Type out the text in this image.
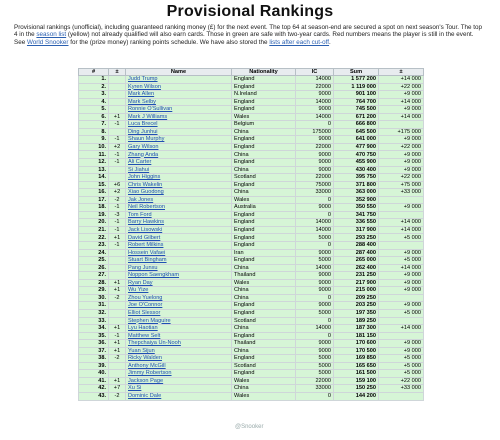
Provisional Rankings
Provisional rankings (unofficial), including guaranteed ranking money (£) for the next event. The top 64 at season-end are secured a spot on next season's Tour. The top 4 in the season list (yellow) not already qualified will also earn cards. Those in green are safe with two-year cards. Red numbers means the player is still in the event. See World Snooker for the (prize money) ranking points schedule. We have also stored the lists after each cut-off.
#	±	Name	Nationality	IC	Sum	±
1.		Judd Trump	England	14000	1 577 200	+14 000
2.		Kyren Wilson	England	22000	1 119 000	+22 000
3.		Mark Allen	N.Ireland	9000	901 100	+9 000
4.		Mark Selby	England	14000	764 700	+14 000
5.		Ronnie O'Sullivan	England	9000	745 500	+9 000
6.	+1	Mark J Williams	Wales	14000	671 200	+14 000
7.	-1	Luca Brecel	Belgium	0	666 800	
8.		Ding Junhui	China	175000	645 500	+175 000
9.	-1	Shaun Murphy	England	9000	641 000	+9 000
10.	+2	Gary Wilson	England	22000	477 900	+22 000
11.	-1	Zhang Anda	China	9000	470 750	+9 000
12.	-1	Ali Carter	England	9000	455 900	+9 000
13.		Si Jiahui	China	9000	430 400	+9 000
14.		John Higgins	Scotland	22000	395 750	+22 000
15.	+6	Chris Wakelin	England	75000	371 800	+75 000
16.	+2	Xiao Guodong	China	33000	363 000	+33 000
17.	-2	Jak Jones	Wales	0	352 900	
18.	-1	Neil Robertson	Australia	9000	350 550	+9 000
19.	-3	Tom Ford	England	0	341 750	
20.	-1	Barry Hawkins	England	14000	336 550	+14 000
21.	-1	Jack Lisowski	England	14000	317 900	+14 000
22.	+1	David Gilbert	England	5000	293 250	+5 000
23.	-1	Robert Milkins	England	0	288 400	
24.		Hossein Vafaei	Iran	9000	287 400	+9 000
25.		Stuart Bingham	England	5000	265 000	+5 000
26.		Pang Junxu	China	14000	262 400	+14 000
27.		Noppon Saengkham	Thailand	9000	231 250	+9 000
28.	+1	Ryan Day	Wales	9000	217 900	+9 000
29.	+1	Wu Yize	China	9000	215 000	+9 000
30.	-2	Zhou Yuelong	China	0	209 250	
31.		Joe O'Connor	England	9000	203 250	+9 000
32.		Elliot Slessor	England	5000	197 350	+5 000
33.		Stephen Maguire	Scotland	0	189 250	
34.	+1	Lyu Haotian	China	14000	187 300	+14 000
35.	-1	Matthew Selt	England	0	181 150	
36.	+1	Thepchaiya Un-Nooh	Thailand	9000	170 600	+9 000
37.	+1	Yuan Sijun	China	9000	170 500	+9 000
38.	-2	Ricky Walden	England	5000	169 850	+5 000
39.		Anthony McGill	Scotland	5000	165 650	+5 000
40.		Jimmy Robertson	England	5000	161 500	+5 000
41.	+1	Jackson Page	Wales	22000	159 100	+22 000
42.	+7	Xu Si	China	33000	150 250	+33 000
43.	-2	Dominic Dale	Wales	0	144 200	
@Snooker
